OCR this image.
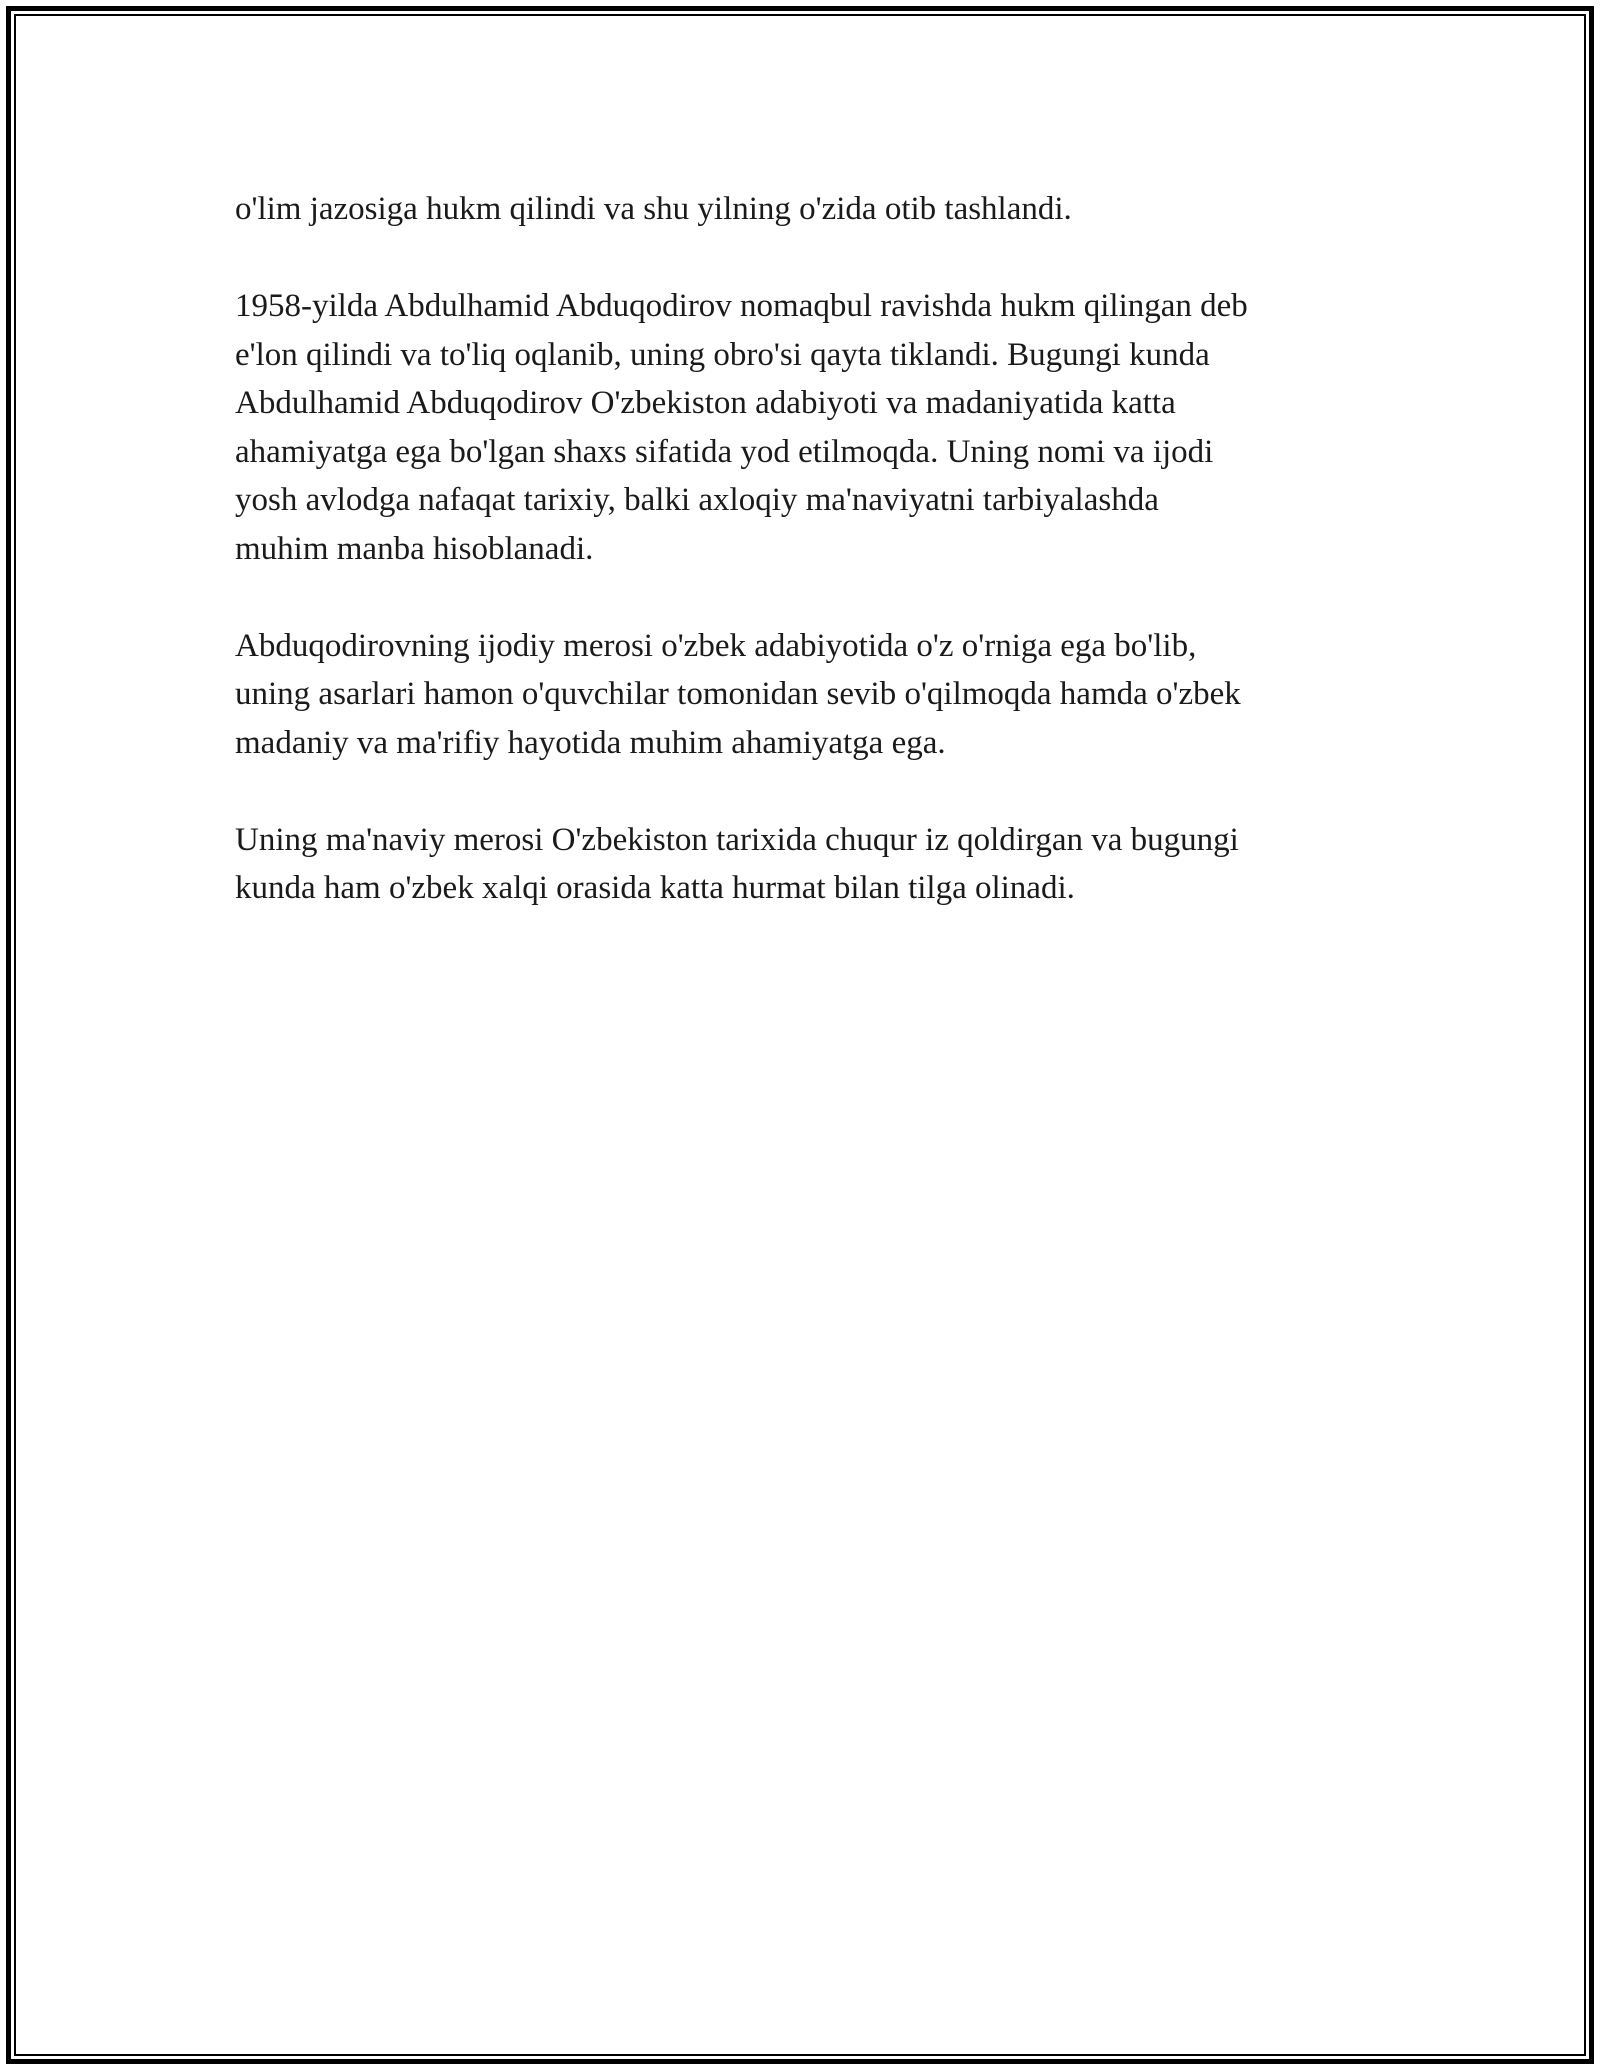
o'lim jazosiga hukm qilindi va shu yilning o'zida otib tashlandi.

1958-yilda Abdulhamid Abduqodirov nomaqbul ravishda hukm qilingan deb
e'lon qilindi va to'liq oqlanib, uning obro'si qayta tiklandi. Bugungi kunda
Abdulhamid Abduqodirov O'zbekiston adabiyoti va madaniyatida katta
ahamiyatga ega bo'lgan shaxs sifatida yod etilmoqda. Uning nomi va ijodi
yosh avlodga nafaqat tarixiy, balki axloqiy ma'naviyatni tarbiyalashda
muhim manba hisoblanadi.

Abduqodirovning ijodiy merosi o'zbek adabiyotida o'z o'rniga ega bo'lib,
uning asarlari hamon o'quvchilar tomonidan sevib o'qilmoqda hamda o'zbek
madaniy va ma'rifiy hayotida muhim ahamiyatga ega.

Uning ma'naviy merosi O'zbekiston tarixida chuqur iz qoldirgan va bugungi
kunda ham o'zbek xalqi orasida katta hurmat bilan tilga olinadi.
